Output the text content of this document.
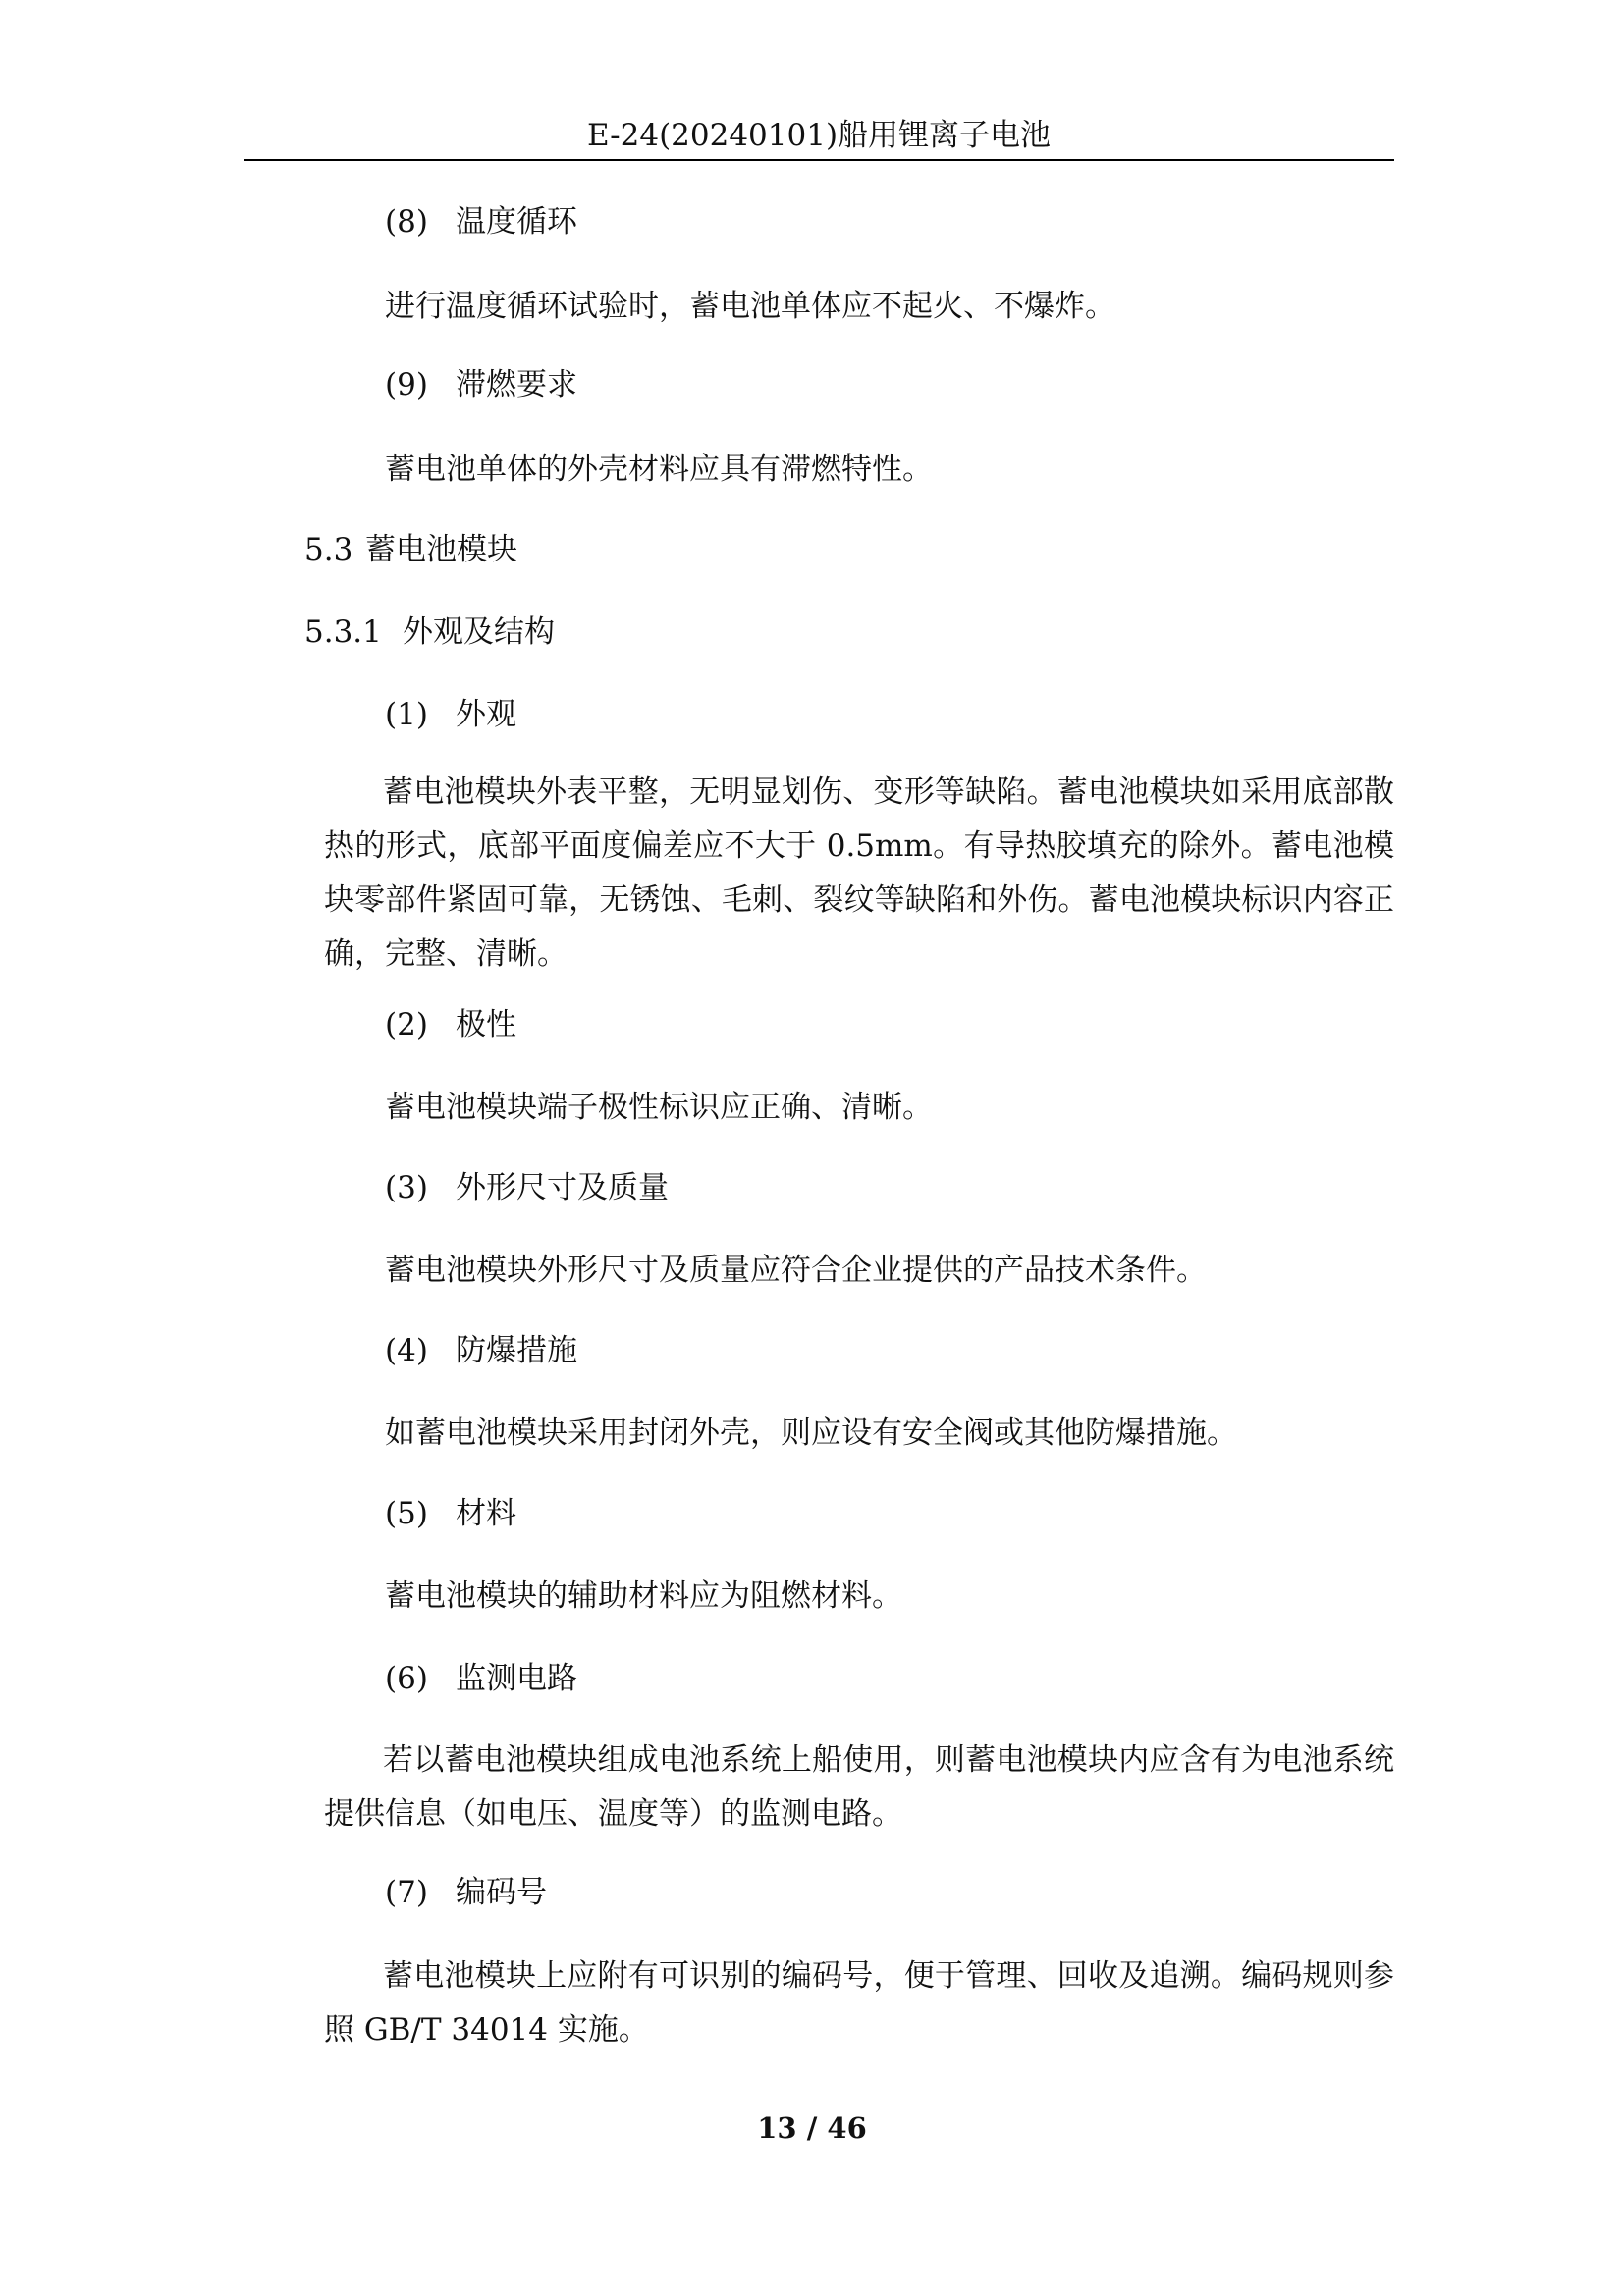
E-24(20240101)船用锂离子电池
(8) 温度循环
进行温度循环试验时，蓄电池单体应不起火、不爆炸。
(9) 滞燃要求
蓄电池单体的外壳材料应具有滞燃特性。
5.3 蓄电池模块
5.3.1 外观及结构
(1) 外观

蓄电池模块外表平整，无明显划伤、变形等缺陷。蓄电池模块如采用底部散热的形式，底部平面度偏差应不大于 0.5mm。有导热胶填充的除外。蓄电池模块零部件紧固可靠，无锈蚀、毛刺、裂纹等缺陷和外伤。蓄电池模块标识内容正确，完整、清晰。

(2) 极性
蓄电池模块端子极性标识应正确、清晰。
(3) 外形尺寸及质量
蓄电池模块外形尺寸及质量应符合企业提供的产品技术条件。
(4) 防爆措施
如蓄电池模块采用封闭外壳，则应设有安全阀或其他防爆措施。
(5) 材料
蓄电池模块的辅助材料应为阻燃材料。
(6) 监测电路

若以蓄电池模块组成电池系统上船使用，则蓄电池模块内应含有为电池系统提供信息（如电压、温度等）的监测电路。

(7) 编码号

蓄电池模块上应附有可识别的编码号，便于管理、回收及追溯。编码规则参照 GB/T 34014 实施。

13 / 46
